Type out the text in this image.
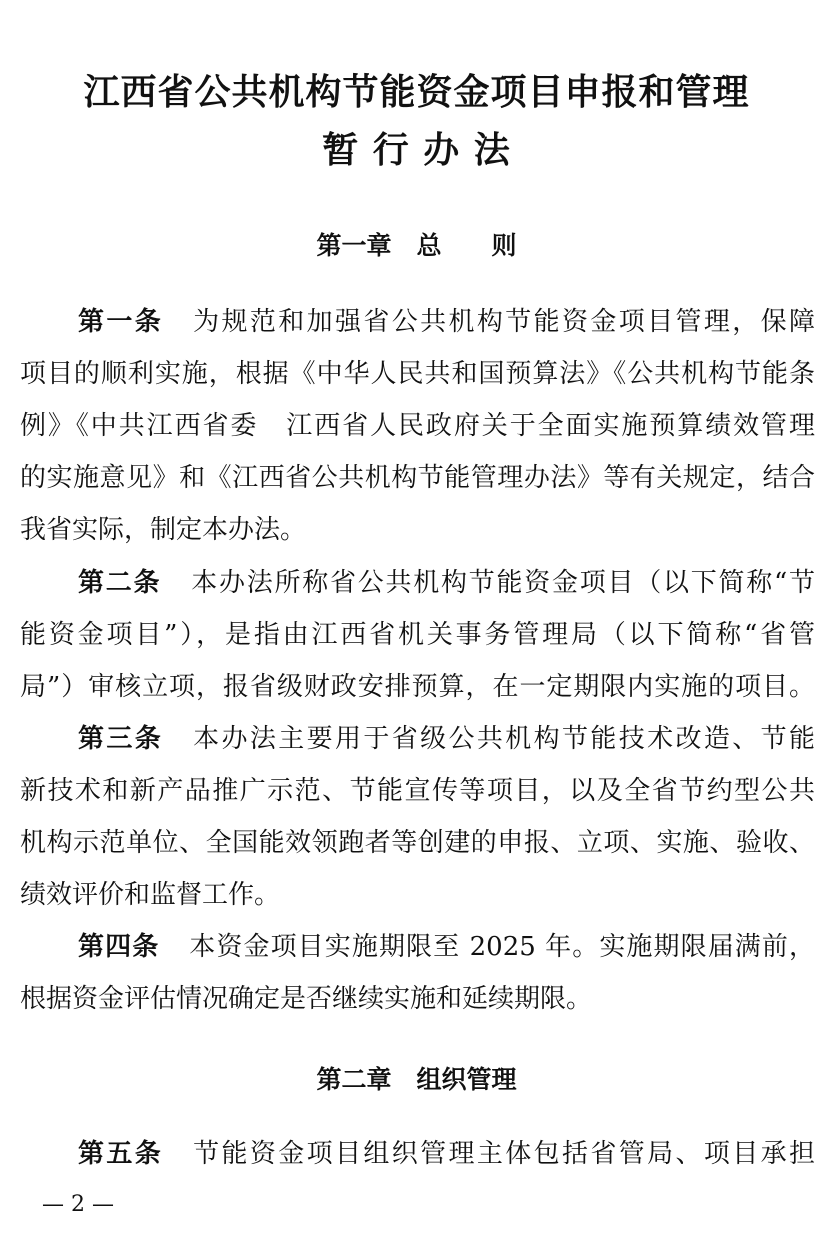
江西省公共机构节能资金项目申报和管理
暂 行 办 法
第一章　总　　则
第一条 为规范和加强省公共机构节能资金项目管理，保障
项目的顺利实施，根据《中华人民共和国预算法》《公共机构节能条
例》《中共江西省委　江西省人民政府关于全面实施预算绩效管理
的实施意见》和《江西省公共机构节能管理办法》等有关规定，结合
我省实际，制定本办法。
第二条 本办法所称省公共机构节能资金项目（以下简称“节
能资金项目”），是指由江西省机关事务管理局（以下简称“省管
局”）审核立项，报省级财政安排预算，在一定期限内实施的项目。
第三条 本办法主要用于省级公共机构节能技术改造、节能
新技术和新产品推广示范、节能宣传等项目，以及全省节约型公共
机构示范单位、全国能效领跑者等创建的申报、立项、实施、验收、
绩效评价和监督工作。
第四条 本资金项目实施期限至 2025 年。实施期限届满前，
根据资金评估情况确定是否继续实施和延续期限。
第二章　组织管理
第五条 节能资金项目组织管理主体包括省管局、项目承担
— 2 —
